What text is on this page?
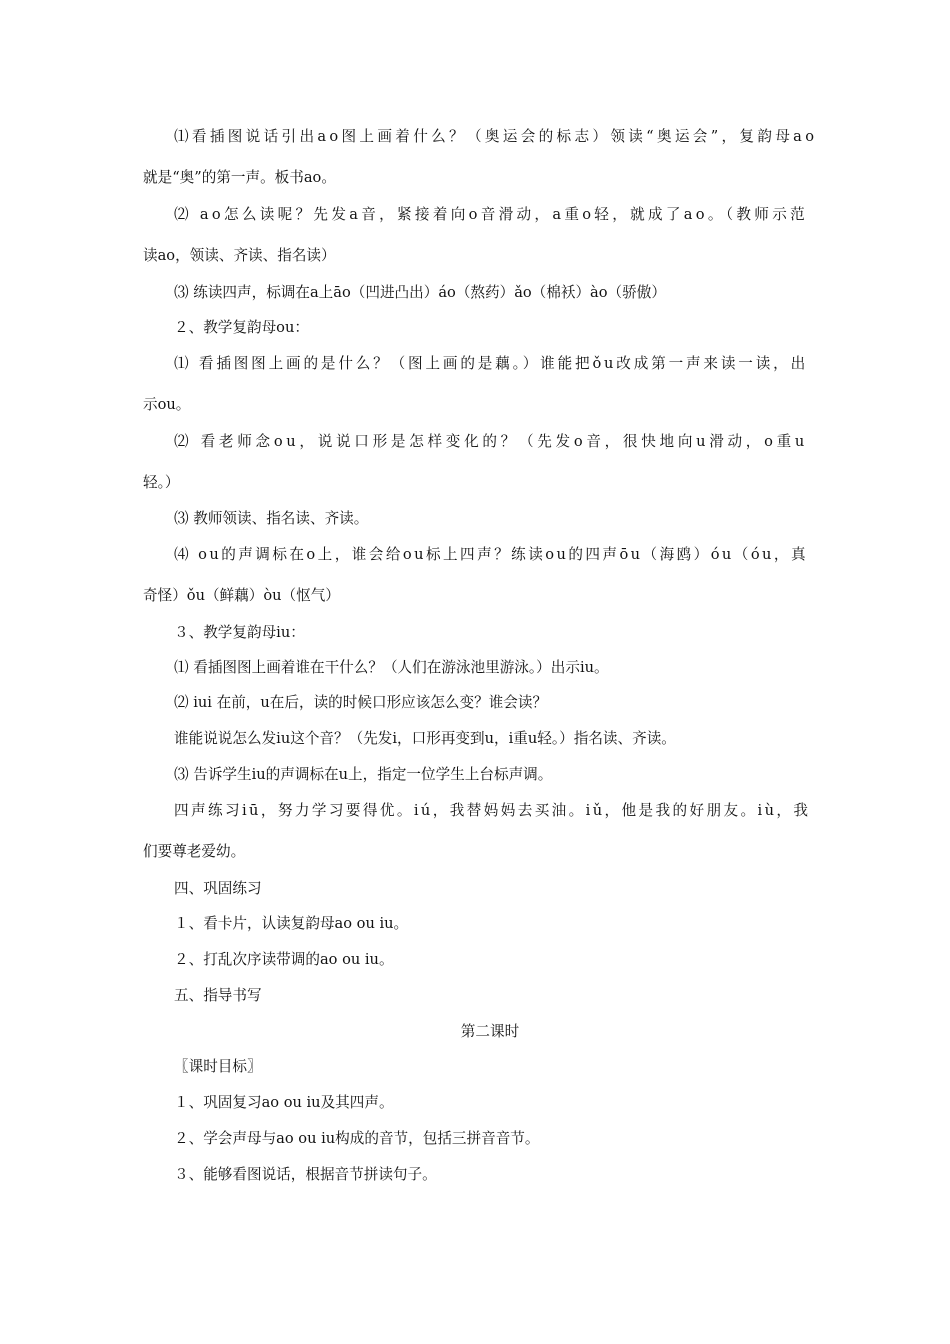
⑴看插图说话引出ao图上画着什么？（奥运会的标志）领读“奥运会”，复韵母ao
就是“奥”的第一声。板书ao。
⑵ ao怎么读呢？先发a音，紧接着向o音滑动，a重o轻，就成了ao。（教师示范
读ao，领读、齐读、指名读）
⑶ 练读四声，标调在a上āo（凹进凸出）áo（熬药）ǎo（棉袄）ào（骄傲）
２、教学复韵母ou：
⑴ 看插图图上画的是什么？（图上画的是藕。）谁能把ǒu改成第一声来读一读，出
示ou。
⑵ 看老师念ou，说说口形是怎样变化的？（先发o音，很快地向u滑动，o重u
轻。）
⑶ 教师领读、指名读、齐读。
⑷ ou的声调标在o上，谁会给ou标上四声？练读ou的四声ōu（海鸥）óu（óu，真
奇怪）ǒu（鲜藕）òu（怄气）
３、教学复韵母iu：
⑴ 看插图图上画着谁在干什么？（人们在游泳池里游泳。）出示iu。
⑵ iui 在前，u在后，读的时候口形应该怎么变？谁会读？
谁能说说怎么发iu这个音？（先发i，口形再变到u，i重u轻。）指名读、齐读。
⑶ 告诉学生iu的声调标在u上，指定一位学生上台标声调。
四声练习iū，努力学习要得优。iú，我替妈妈去买油。iǔ，他是我的好朋友。iù，我
们要尊老爱幼。
四、巩固练习
１、看卡片，认读复韵母ao ou iu。
２、打乱次序读带调的ao ou iu。
五、指导书写
第二课时
〖课时目标〗
１、巩固复习ao ou iu及其四声。
２、学会声母与ao ou iu构成的音节，包括三拼音音节。
３、能够看图说话，根据音节拼读句子。
